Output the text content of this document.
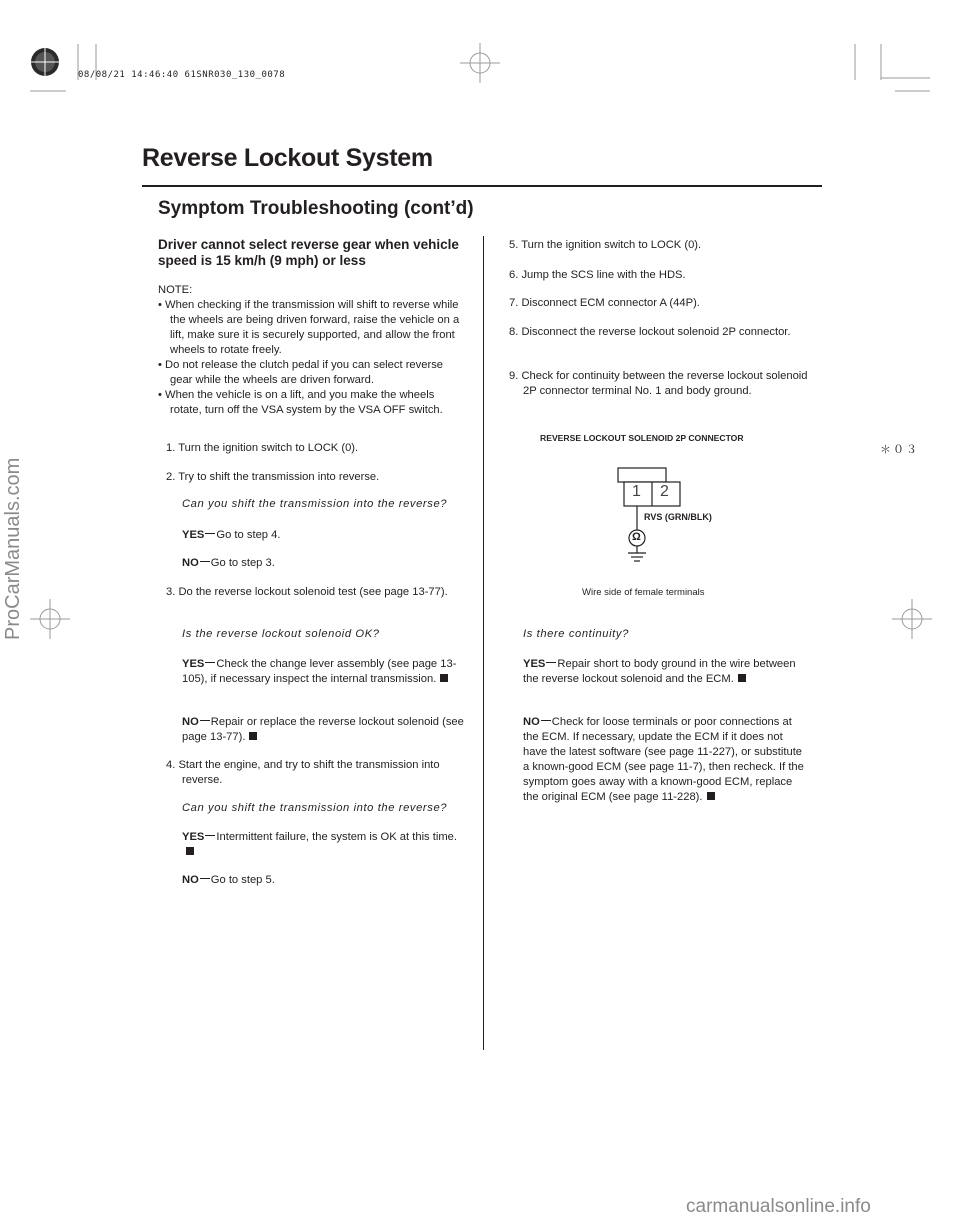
08/08/21 14:46:40 61SNR030_130_0078
ProCarManuals.com
carmanualsonline.info
Reverse Lockout System
Symptom Troubleshooting (cont’d)
＊０３
Driver cannot select reverse gear when vehicle speed is 15 km/h (9 mph) or less
NOTE:
• When checking if the transmission will shift to reverse while the wheels are being driven forward, raise the vehicle on a lift, make sure it is securely supported, and allow the front wheels to rotate freely.
• Do not release the clutch pedal if you can select reverse gear while the wheels are driven forward.
• When the vehicle is on a lift, and you make the wheels rotate, turn off the VSA system by the VSA OFF switch.
1. Turn the ignition switch to LOCK (0).
2. Try to shift the transmission into reverse.
Can you shift the transmission into the reverse?
YES Go to step 4.
NO Go to step 3.
3. Do the reverse lockout solenoid test (see page 13-77).
Is the reverse lockout solenoid OK?
YES Check the change lever assembly (see page 13-105), if necessary inspect the internal transmission.
NO Repair or replace the reverse lockout solenoid (see page 13-77).
4. Start the engine, and try to shift the transmission into reverse.
Can you shift the transmission into the reverse?
YES Intermittent failure, the system is OK at this time.
NO Go to step 5.
5. Turn the ignition switch to LOCK (0).
6. Jump the SCS line with the HDS.
7. Disconnect ECM connector A (44P).
8. Disconnect the reverse lockout solenoid 2P connector.
9. Check for continuity between the reverse lockout solenoid 2P connector terminal No. 1 and body ground.
REVERSE LOCKOUT SOLENOID 2P CONNECTOR
1 2
Ω
RVS (GRN/BLK)
Wire side of female terminals
Is there continuity?
YES Repair short to body ground in the wire between the reverse lockout solenoid and the ECM.
NO Check for loose terminals or poor connections at the ECM. If necessary, update the ECM if it does not have the latest software (see page 11-227), or substitute a known-good ECM (see page 11-7), then recheck. If the symptom goes away with a known-good ECM, replace the original ECM (see page 11-228).
